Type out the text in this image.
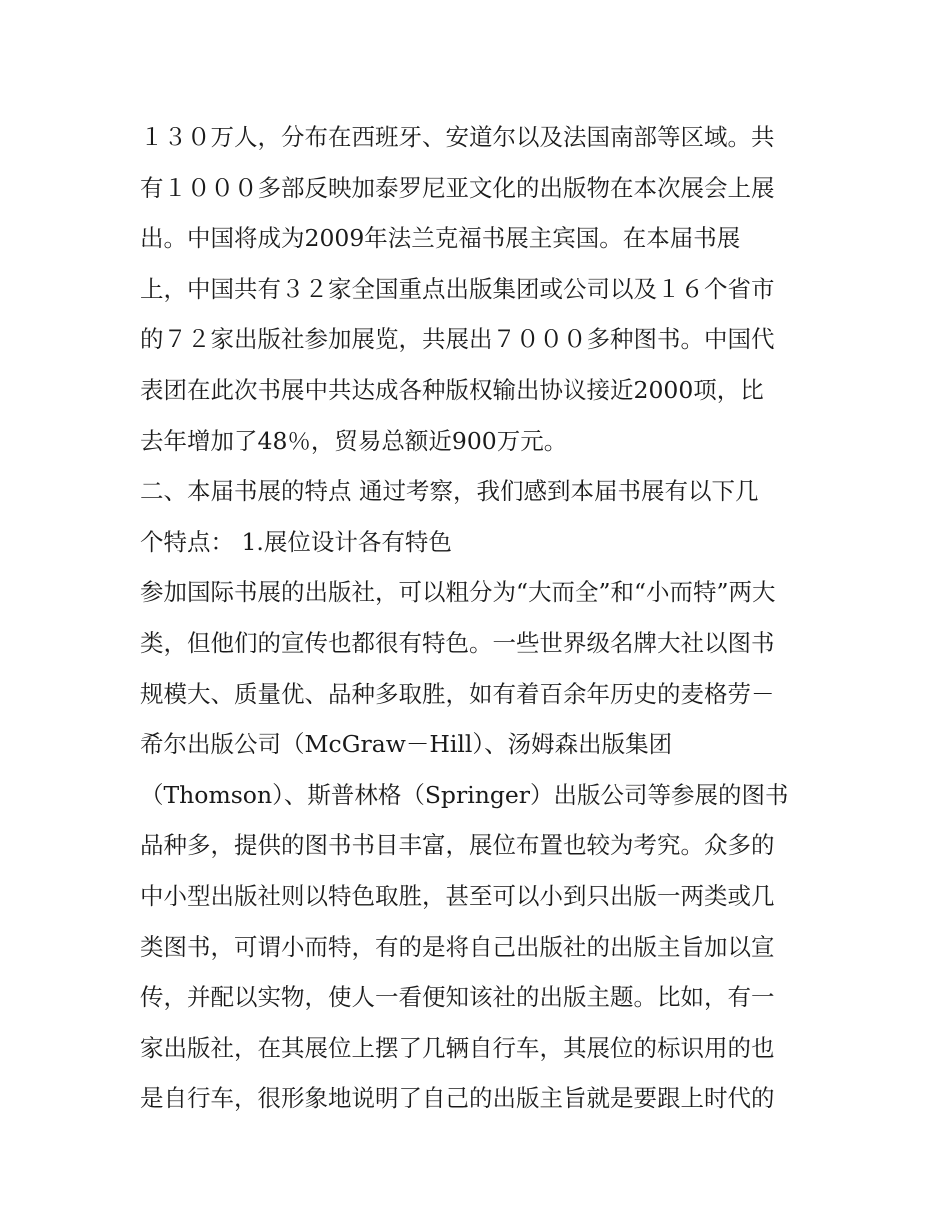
１３０万人，分布在西班牙、安道尔以及法国南部等区域。共
有１０００多部反映加泰罗尼亚文化的出版物在本次展会上展
出。中国将成为2009年法兰克福书展主宾国。在本届书展
上，中国共有３２家全国重点出版集团或公司以及１６个省市
的７２家出版社参加展览，共展出７０００多种图书。中国代
表团在此次书展中共达成各种版权输出协议接近2000项，比
去年增加了48％，贸易总额近900万元。
二、本届书展的特点 通过考察，我们感到本届书展有以下几
个特点： 1.展位设计各有特色
参加国际书展的出版社，可以粗分为“大而全”和“小而特”两大
类，但他们的宣传也都很有特色。一些世界级名牌大社以图书
规模大、质量优、品种多取胜，如有着百余年历史的麦格劳－
希尔出版公司（McGraw－Hill）、汤姆森出版集团
（Thomson）、斯普林格（Springer）出版公司等参展的图书
品种多，提供的图书书目丰富，展位布置也较为考究。众多的
中小型出版社则以特色取胜，甚至可以小到只出版一两类或几
类图书，可谓小而特，有的是将自己出版社的出版主旨加以宣
传，并配以实物，使人一看便知该社的出版主题。比如，有一
家出版社，在其展位上摆了几辆自行车，其展位的标识用的也
是自行车，很形象地说明了自己的出版主旨就是要跟上时代的
